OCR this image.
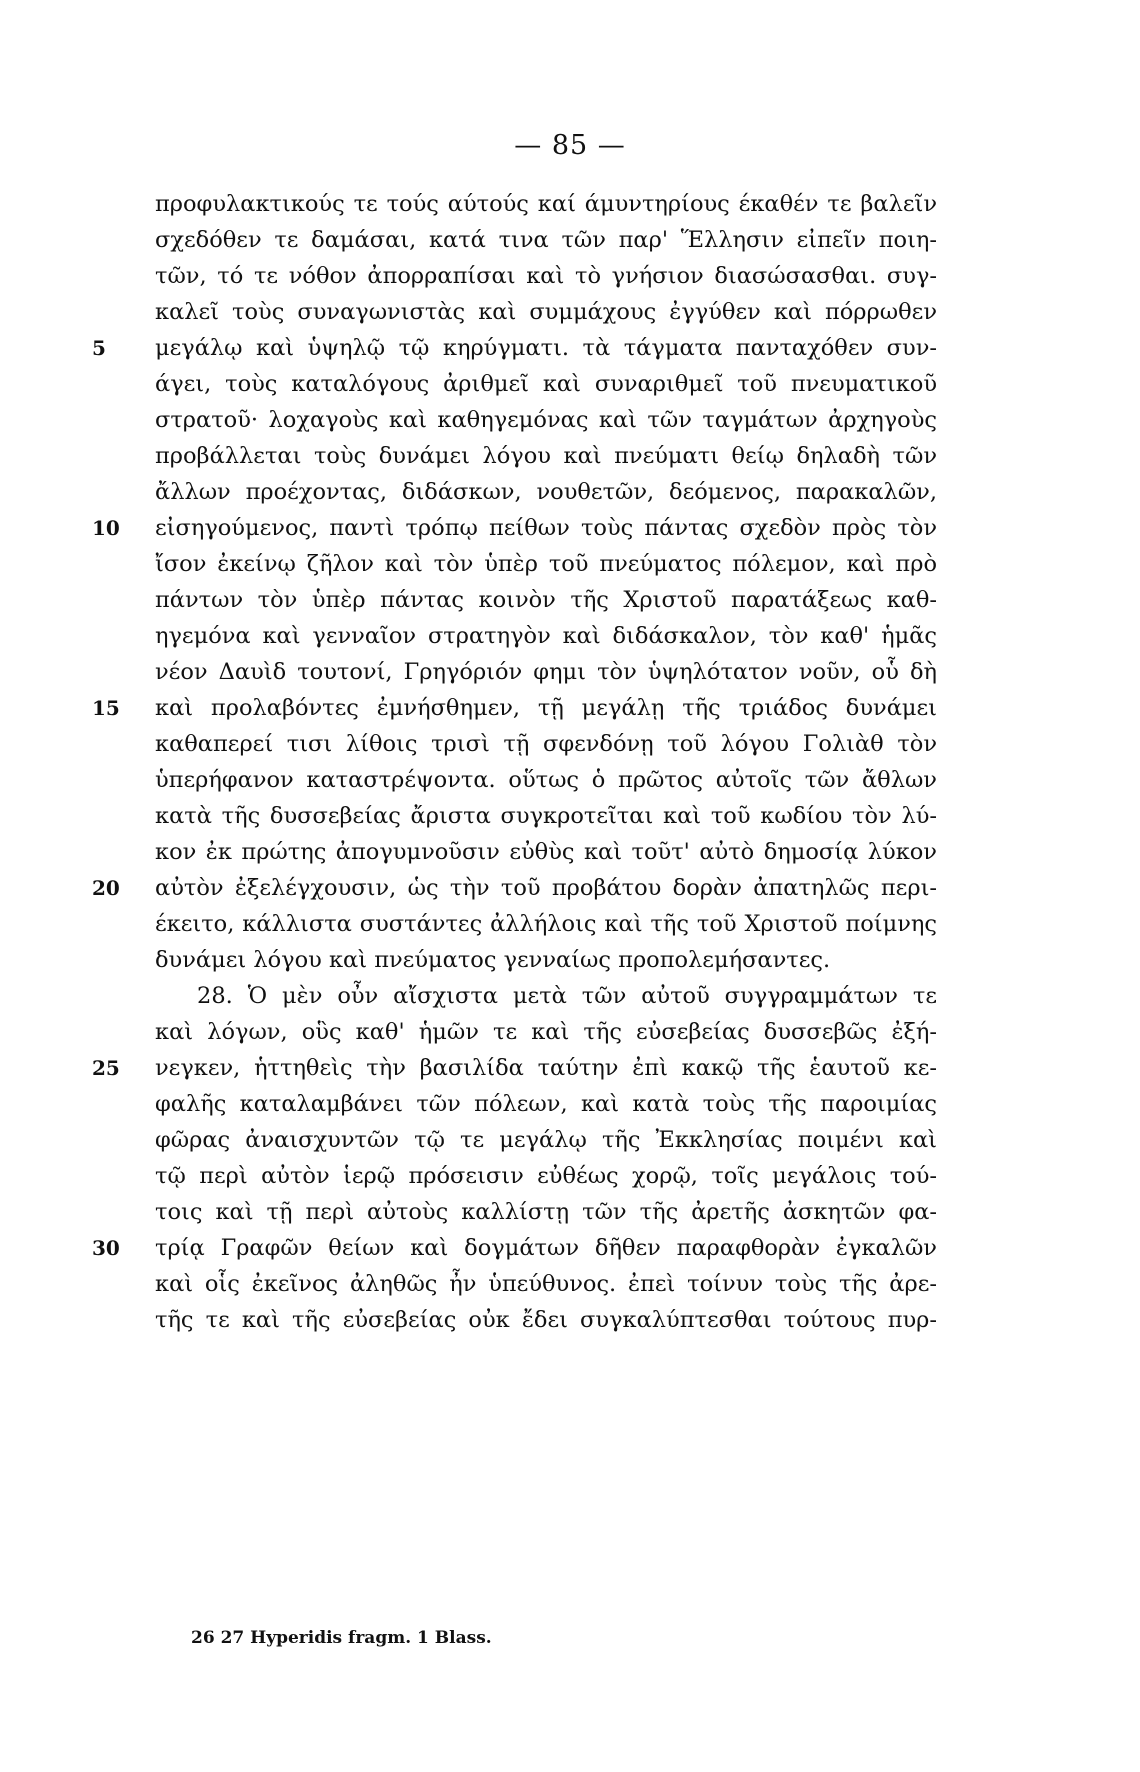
— 85 —
προφυλακτικούς τε τούς αύτούς καί άμυντηρίους έκαθέν τε βαλεῖν
σχεδόθεν τε δαμάσαι, κατά τινα τῶν παρ' Ἕλλησιν εἰπεῖν ποιη-
τῶν, τό τε νόθον ἀπορραπίσαι καὶ τὸ γνήσιον διασώσασθαι. συγ-
καλεῖ τοὺς συναγωνιστὰς καὶ συμμάχους ἐγγύθεν καὶ πόρρωθεν
μεγάλῳ καὶ ὑψηλῷ τῷ κηρύγματι. τὰ τάγματα πανταχόθεν συν-
άγει, τοὺς καταλόγους ἀριθμεῖ καὶ συναριθμεῖ τοῦ πνευματικοῦ
στρατοῦ· λοχαγοὺς καὶ καθηγεμόνας καὶ τῶν ταγμάτων ἀρχηγοὺς
προβάλλεται τοὺς δυνάμει λόγου καὶ πνεύματι θείῳ δηλαδὴ τῶν
ἄλλων προέχοντας, διδάσκων, νουθετῶν, δεόμενος, παρακαλῶν,
εἰσηγούμενος, παντὶ τρόπῳ πείθων τοὺς πάντας σχεδὸν πρὸς τὸν
ἴσον ἐκείνῳ ζῆλον καὶ τὸν ὑπὲρ τοῦ πνεύματος πόλεμον, καὶ πρὸ
πάντων τὸν ὑπὲρ πάντας κοινὸν τῆς Χριστοῦ παρατάξεως καθ-
ηγεμόνα καὶ γενναῖον στρατηγὸν καὶ διδάσκαλον, τὸν καθ' ἡμᾶς
νέον Δαυὶδ τουτονί, Γρηγόριόν φημι τὸν ὑψηλότατον νοῦν, οὗ δὴ
καὶ προλαβόντες ἐμνήσθημεν, τῇ μεγάλῃ τῆς τριάδος δυνάμει
καθαπερεί τισι λίθοις τρισὶ τῇ σφενδόνῃ τοῦ λόγου Γολιὰθ τὸν
ὑπερήφανον καταστρέψοντα. οὕτως ὁ πρῶτος αὐτοῖς τῶν ἄθλων
κατὰ τῆς δυσσεβείας ἄριστα συγκροτεῖται καὶ τοῦ κωδίου τὸν λύ-
κον ἐκ πρώτης ἀπογυμνοῦσιν εὐθὺς καὶ τοῦτ' αὐτὸ δημοσίᾳ λύκον
αὐτὸν ἐξελέγχουσιν, ὡς τὴν τοῦ προβάτου δορὰν ἀπατηλῶς περι-
έκειτο, κάλλιστα συστάντες ἀλλήλοις καὶ τῆς τοῦ Χριστοῦ ποίμνης
δυνάμει λόγου καὶ πνεύματος γενναίως προπολεμήσαντες.
28. Ὁ μὲν οὖν αἴσχιστα μετὰ τῶν αὐτοῦ συγγραμμάτων τε
καὶ λόγων, οὓς καθ' ἡμῶν τε καὶ τῆς εὐσεβείας δυσσεβῶς ἐξή-
νεγκεν, ἡττηθεὶς τὴν βασιλίδα ταύτην ἐπὶ κακῷ τῆς ἑαυτοῦ κε-
φαλῆς καταλαμβάνει τῶν πόλεων, καὶ κατὰ τοὺς τῆς παροιμίας
φῶρας ἀναισχυντῶν τῷ τε μεγάλῳ τῆς Ἐκκλησίας ποιμένι καὶ
τῷ περὶ αὐτὸν ἱερῷ πρόσεισιν εὐθέως χορῷ, τοῖς μεγάλοις τού-
τοις καὶ τῇ περὶ αὐτοὺς καλλίστῃ τῶν τῆς ἀρετῆς ἀσκητῶν φα-
τρίᾳ Γραφῶν θείων καὶ δογμάτων δῆθεν παραφθορὰν ἐγκαλῶν
καὶ οἷς ἐκεῖνος ἀληθῶς ἦν ὑπεύθυνος. ἐπεὶ τοίνυν τοὺς τῆς ἀρε-
τῆς τε καὶ τῆς εὐσεβείας οὐκ ἔδει συγκαλύπτεσθαι τούτους πυρ-
5
10
15
20
25
30
26 27 Hyperidis fragm. 1 Blass.
